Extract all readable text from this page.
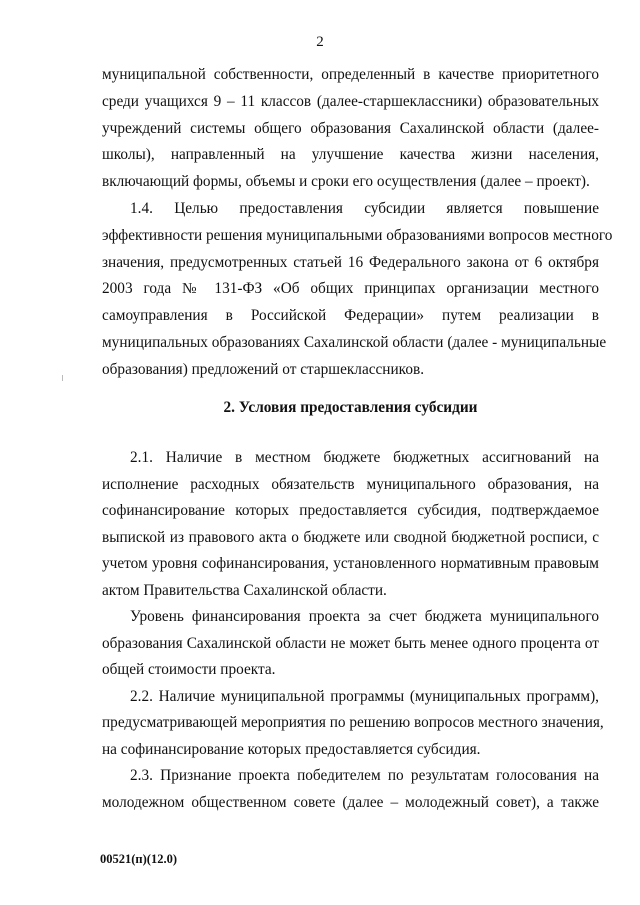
2
муниципальной собственности, определенный в качестве приоритетного
среди учащихся 9 – 11 классов (далее-старшеклассники) образовательных
учреждений системы общего образования Сахалинской области (далее-
школы), направленный на улучшение качества жизни населения,
включающий формы, объемы и сроки его осуществления (далее – проект).
1.4. Целью предоставления субсидии является повышение
эффективности решения муниципальными образованиями вопросов местного
значения, предусмотренных статьей 16 Федерального закона от 6 октября
2003 года № 131-ФЗ «Об общих принципах организации местного
самоуправления в Российской Федерации» путем реализации в
муниципальных образованиях Сахалинской области (далее - муниципальные
образования) предложений от старшеклассников.
2. Условия предоставления субсидии
2.1. Наличие в местном бюджете бюджетных ассигнований на
исполнение расходных обязательств муниципального образования, на
софинансирование которых предоставляется субсидия, подтверждаемое
выпиской из правового акта о бюджете или сводной бюджетной росписи, с
учетом уровня софинансирования, установленного нормативным правовым
актом Правительства Сахалинской области.
Уровень финансирования проекта за счет бюджета муниципального
образования Сахалинской области не может быть менее одного процента от
общей стоимости проекта.
2.2. Наличие муниципальной программы (муниципальных программ),
предусматривающей мероприятия по решению вопросов местного значения,
на софинансирование которых предоставляется субсидия.
2.3. Признание проекта победителем по результатам голосования на
молодежном общественном совете (далее – молодежный совет), а также
00521(п)(12.0)
